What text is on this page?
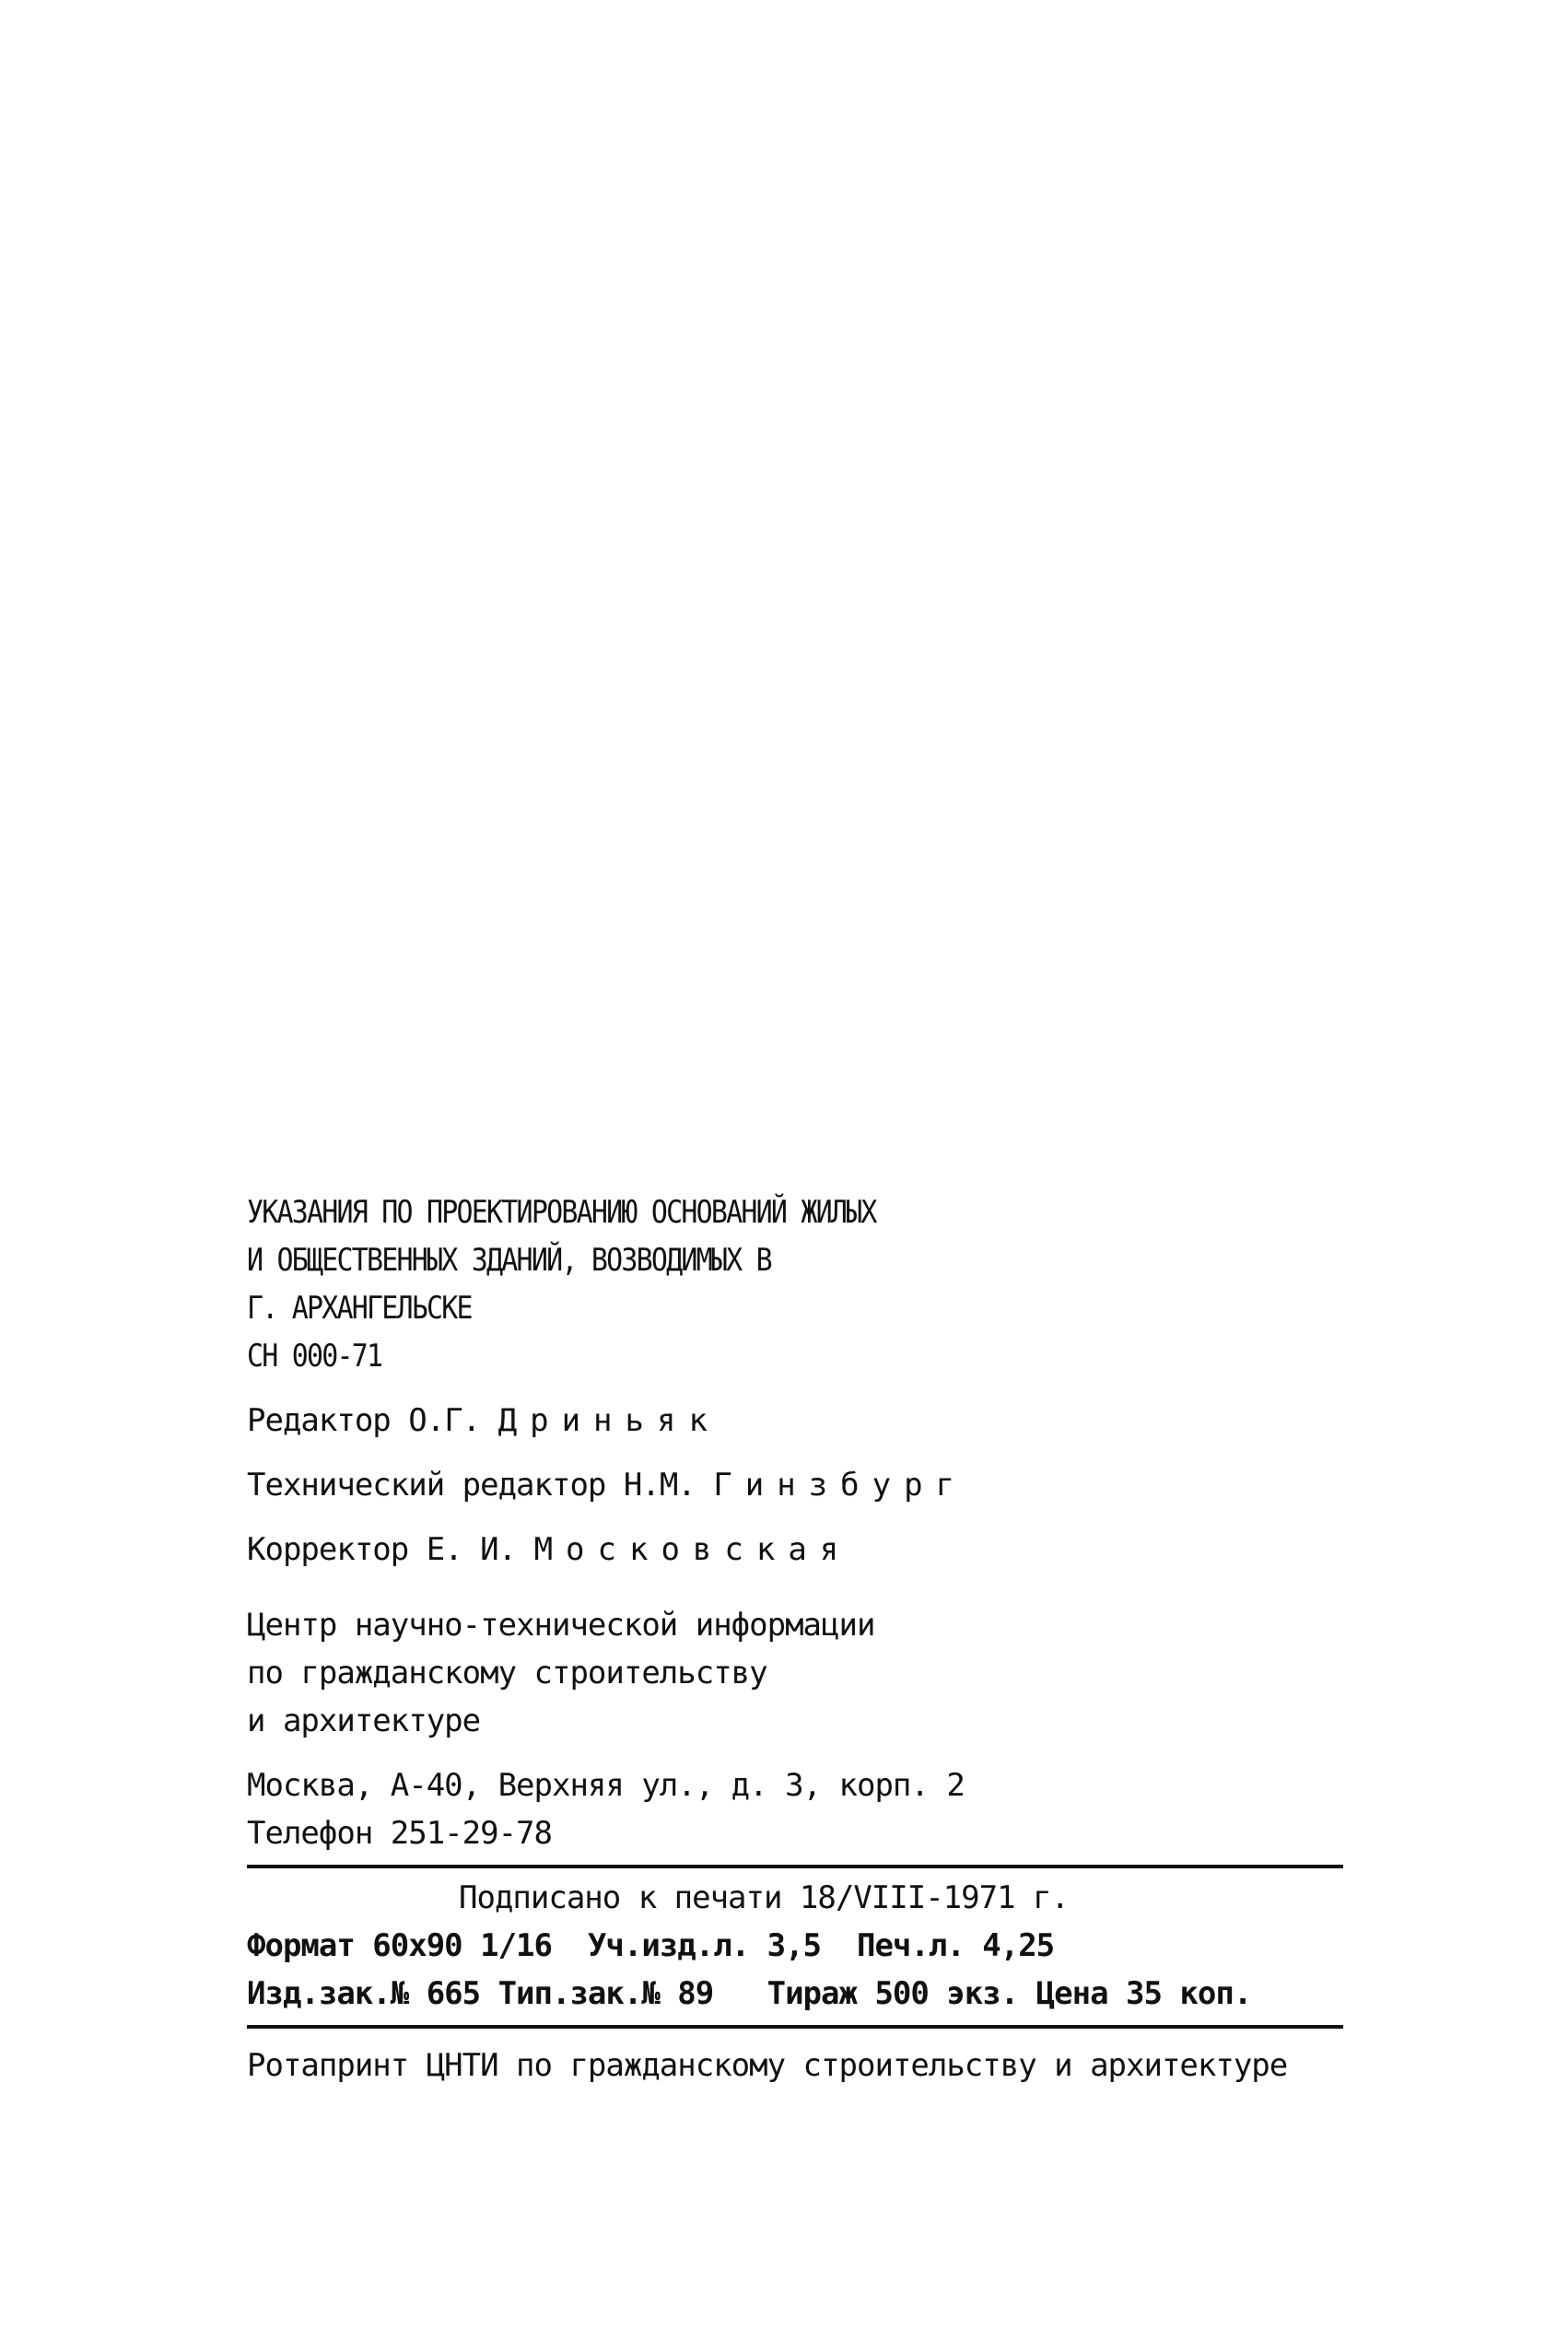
УКАЗАНИЯ ПО ПРОЕКТИРОВАНИЮ ОСНОВАНИЙ ЖИЛЫХ
И ОБЩЕСТВЕННЫХ ЗДАНИЙ, ВОЗВОДИМЫХ В
Г. АРХАНГЕЛЬСКЕ
СН 000-71
Редактор О.Г. Дриньяк
Технический редактор Н.М. Гинзбург
Корректор Е. И. Московская
Центр научно-технической информации
по гражданскому строительству
и архитектуре
Москва, А-40, Верхняя ул., д. 3, корп. 2
Телефон 251-29-78
Подписано к печати 18/VIII-1971 г.
Формат 60х90 1/16  Уч.изд.л. 3,5  Печ.л. 4,25
Изд.зак.№ 665 Тип.зак.№ 89   Тираж 500 экз. Цена 35 коп.
Ротапринт ЦНТИ по гражданскому строительству и архитектуре
